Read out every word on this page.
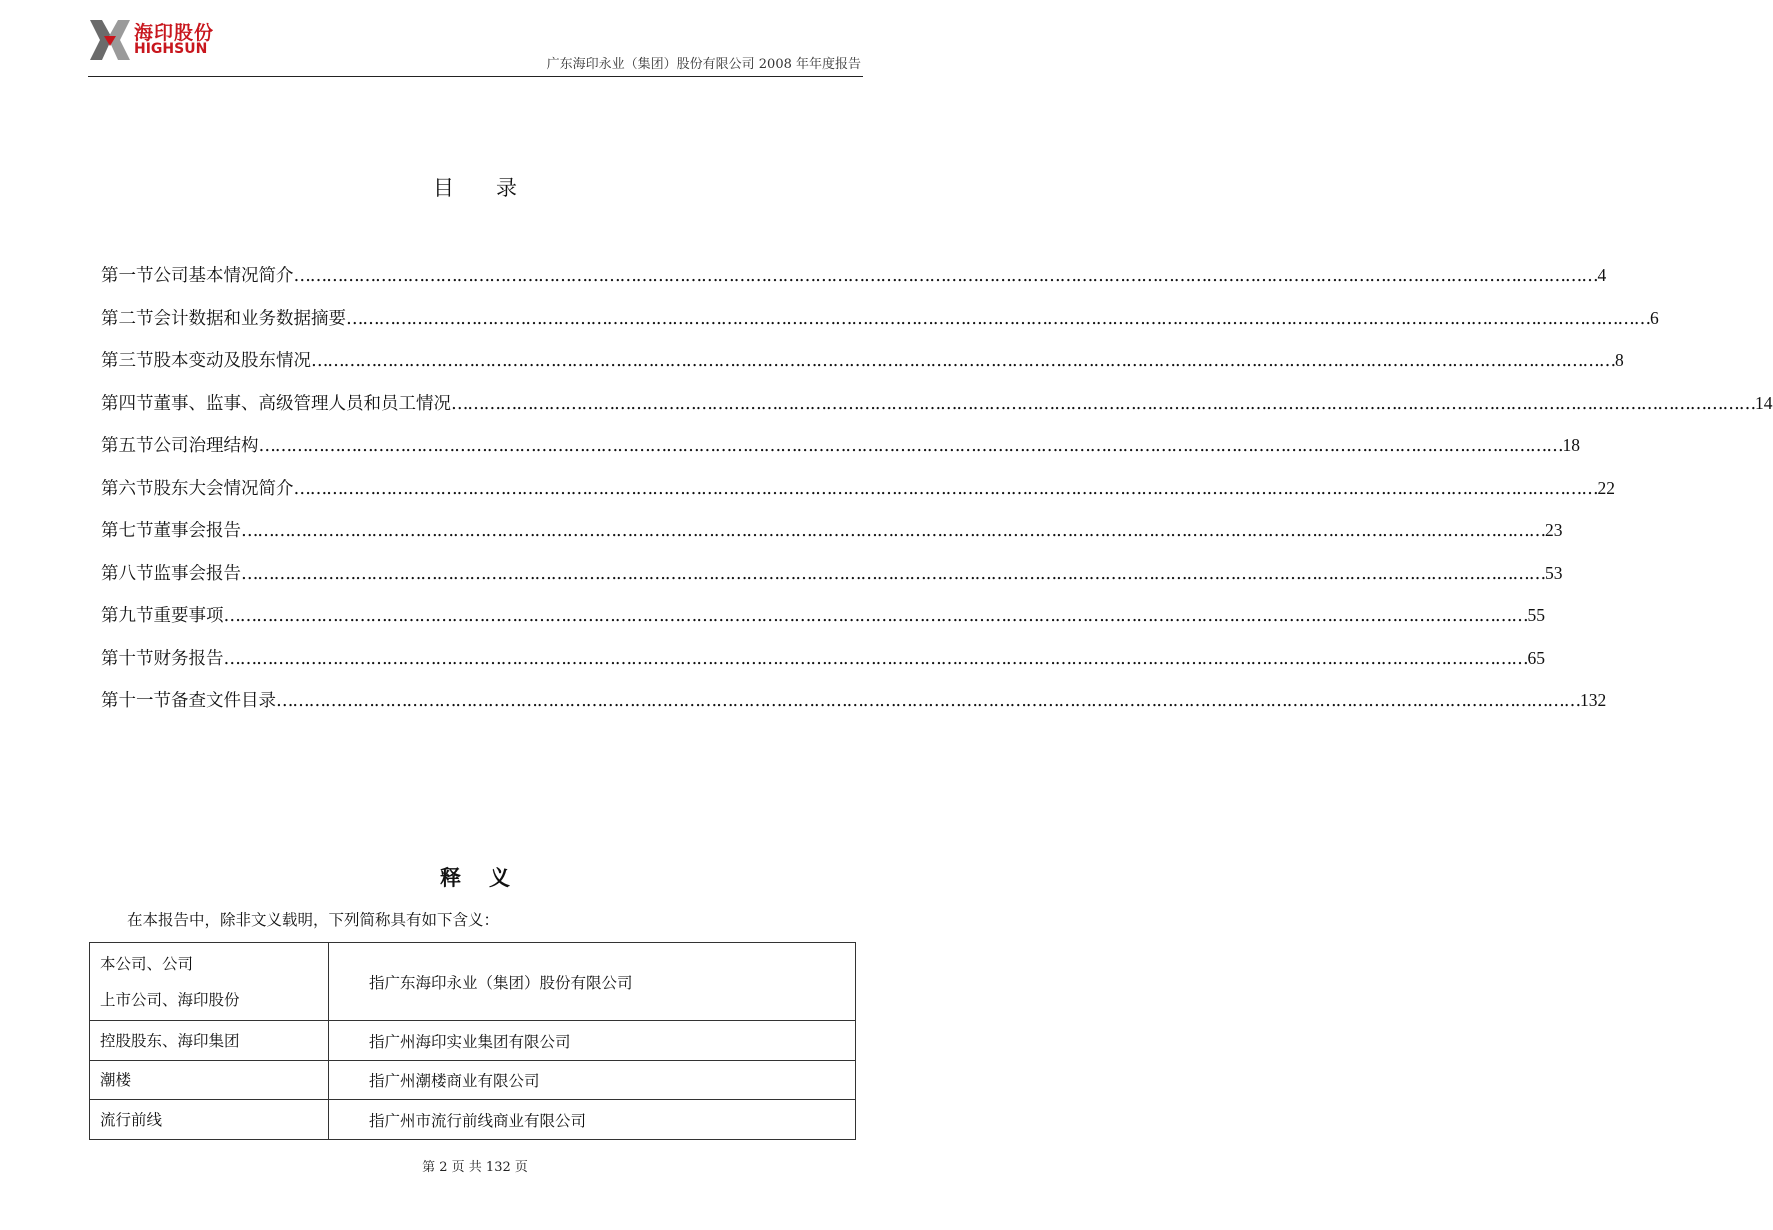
海印股份
HIGHSUN
广东海印永业（集团）股份有限公司 2008 年年度报告
目录
第一节 公司基本情况简介 …………………………………………………………………………………………………………………………………………………………………………………………………………………… 4
第二节 会计数据和业务数据摘要 …………………………………………………………………………………………………………………………………………………………………………………………………………………… 6
第三节 股本变动及股东情况 …………………………………………………………………………………………………………………………………………………………………………………………………………………… 8
第四节 董事、监事、高级管理人员和员工情况 …………………………………………………………………………………………………………………………………………………………………………………………………………………… 14
第五节 公司治理结构 …………………………………………………………………………………………………………………………………………………………………………………………………………………… 18
第六节 股东大会情况简介 …………………………………………………………………………………………………………………………………………………………………………………………………………………… 22
第七节 董事会报告 …………………………………………………………………………………………………………………………………………………………………………………………………………………… 23
第八节 监事会报告 …………………………………………………………………………………………………………………………………………………………………………………………………………………… 53
第九节 重要事项 …………………………………………………………………………………………………………………………………………………………………………………………………………………… 55
第十节 财务报告 …………………………………………………………………………………………………………………………………………………………………………………………………………………… 65
第十一节 备查文件目录 …………………………………………………………………………………………………………………………………………………………………………………………………………………… 132
释义
在本报告中，除非文义载明，下列简称具有如下含义：
本公司、公司
上市公司、海印股份	指广东海印永业（集团）股份有限公司

控股股东、海印集团	指广州海印实业集团有限公司

潮楼	指广州潮楼商业有限公司

流行前线	指广州市流行前线商业有限公司
第 2 页 共 132 页
